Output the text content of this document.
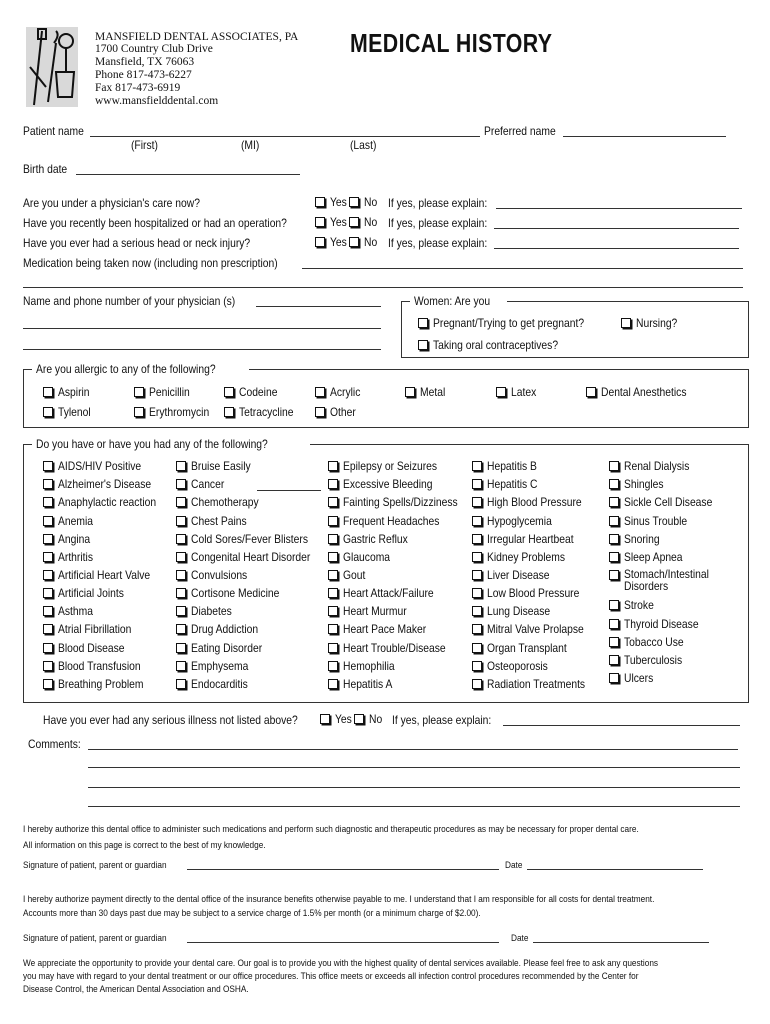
MANSFIELD DENTAL ASSOCIATES, PA
1700 Country Club Drive
Mansfield, TX 76063
Phone 817-473-6227
Fax 817-473-6919
www.mansfielddental.com
MEDICAL HISTORY
Patient name
(First)	(MI)	(Last)
Preferred name
Birth date
Are you under a physician's care now?	Yes No If yes, please explain:
Have you recently been hospitalized or had an operation?	Yes No If yes, please explain:
Have you ever had a serious head or neck injury?	Yes No If yes, please explain:
Medication being taken now (including non prescription)
Name and phone number of your physician (s)	Women: Are you
Pregnant/Trying to get pregnant?	Nursing?
Taking oral contraceptives?
Are you allergic to any of the following?
Aspirin	Penicillin	Codeine	Acrylic	Metal	Latex	Dental Anesthetics
Tylenol	Erythromycin	Tetracycline	Other
Do you have or have you had any of the following?
AIDS/HIV Positive
Alzheimer's Disease
Anaphylactic reaction
Anemia
Angina
Arthritis
Artificial Heart Valve
Artificial Joints
Asthma
Atrial Fibrillation
Blood Disease
Blood Transfusion
Breathing Problem
Bruise Easily
Cancer
Chemotherapy
Chest Pains
Cold Sores/Fever Blisters
Congenital Heart Disorder
Convulsions
Cortisone Medicine
Diabetes
Drug Addiction
Eating Disorder
Emphysema
Endocarditis
Epilepsy or Seizures
Excessive Bleeding
Fainting Spells/Dizziness
Frequent Headaches
Gastric Reflux
Glaucoma
Gout
Heart Attack/Failure
Heart Murmur
Heart Pace Maker
Heart Trouble/Disease
Hemophilia
Hepatitis A
Hepatitis B
Hepatitis C
High Blood Pressure
Hypoglycemia
Irregular Heartbeat
Kidney Problems
Liver Disease
Low Blood Pressure
Lung Disease
Mitral Valve Prolapse
Organ Transplant
Osteoporosis
Radiation Treatments
Renal Dialysis
Shingles
Sickle Cell Disease
Sinus Trouble
Snoring
Sleep Apnea
Stomach/Intestinal Disorders
Stroke
Thyroid Disease
Tobacco Use
Tuberculosis
Ulcers
Have you ever had any serious illness not listed above?	Yes No If yes, please explain:
Comments:
I hereby authorize this dental office to administer such medications and perform such diagnostic and therapeutic procedures as may be necessary for proper dental care.
All information on this page is correct to the best of my knowledge.
Signature of patient, parent or guardian	Date
I hereby authorize payment directly to the dental office of the insurance benefits otherwise payable to me. I understand that I am responsible for all costs for dental treatment.
Accounts more than 30 days past due may be subject to a service charge of 1.5% per month (or a minimum charge of $2.00).
Signature of patient, parent or guardian	Date
We appreciate the opportunity to provide your dental care. Our goal is to provide you with the highest quality of dental services available. Please feel free to ask any questions
you may have with regard to your dental treatment or our office procedures. This office meets or exceeds all infection control procedures recommended by the Center for
Disease Control, the American Dental Association and OSHA.
